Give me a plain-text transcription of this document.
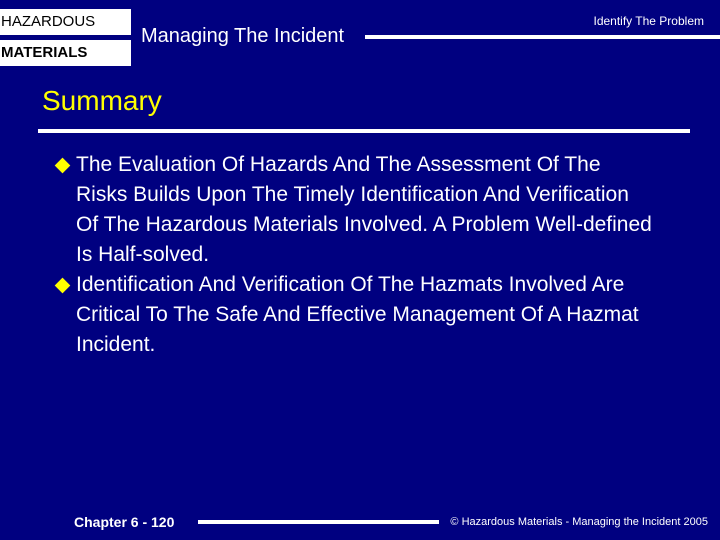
HAZARDOUS
MATERIALS
Managing The Incident
Identify The Problem
Summary
The Evaluation Of Hazards And The Assessment Of The Risks Builds Upon The Timely Identification And Verification Of The Hazardous Materials Involved. A Problem Well-defined Is Half-solved.
Identification And Verification Of The Hazmats Involved Are Critical To The Safe And Effective Management Of A Hazmat Incident.
Chapter 6 - 120	© Hazardous Materials - Managing the Incident 2005
